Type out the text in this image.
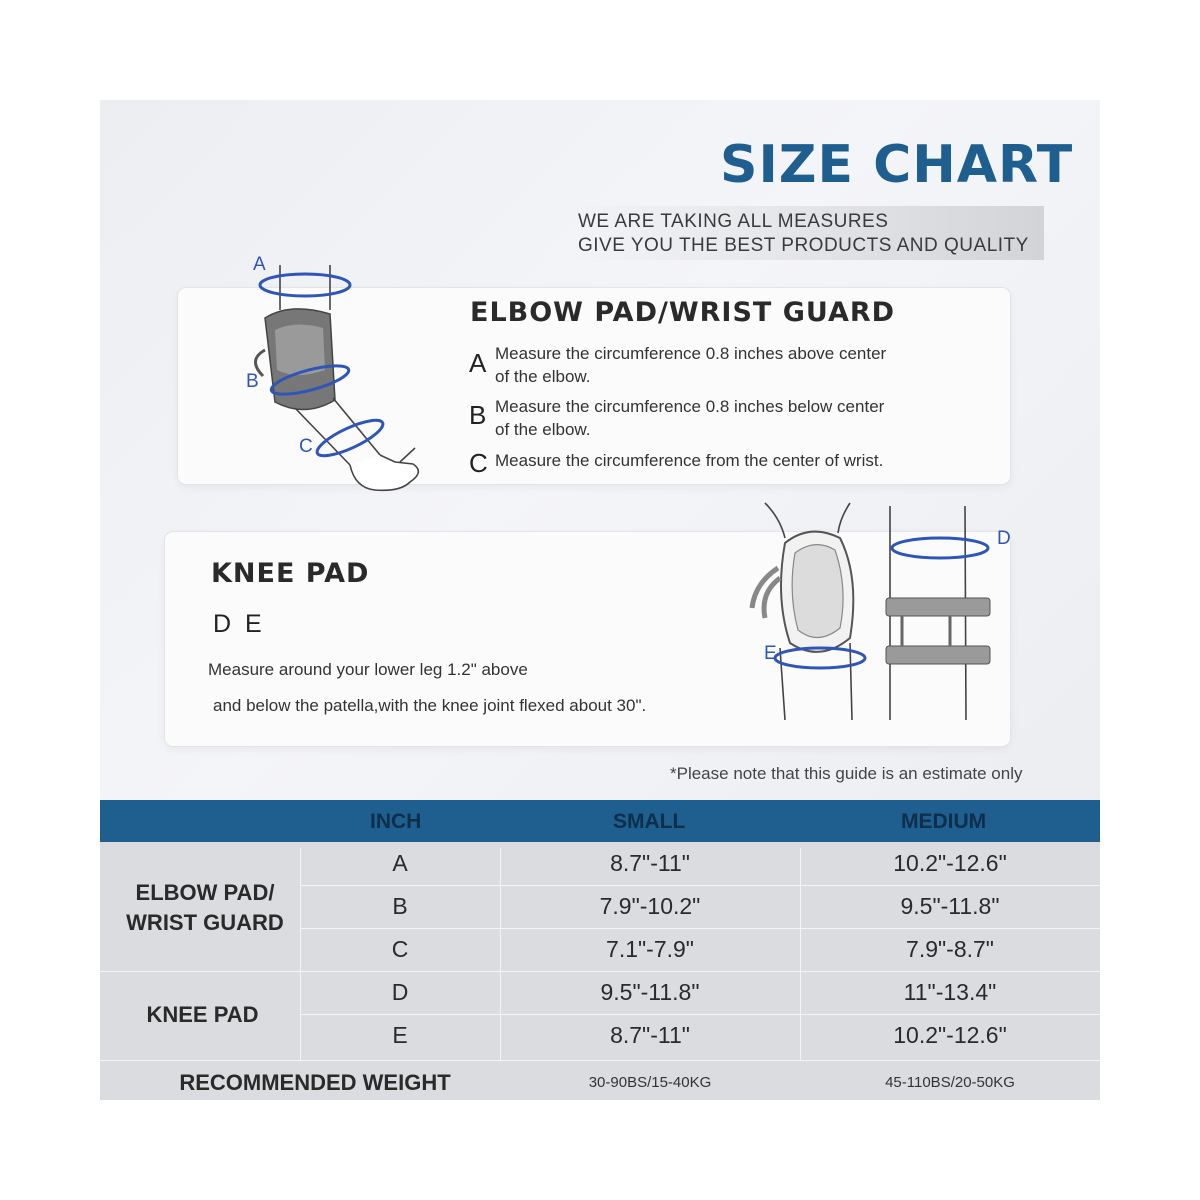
SIZE CHART
WE ARE TAKING ALL MEASURES
GIVE YOU THE BEST PRODUCTS AND QUALITY
A
B
C
ELBOW PAD/WRIST GUARD
A Measure the circumference 0.8 inches above center
of the elbow.
B Measure the circumference 0.8 inches below center
of the elbow.
C Measure the circumference from the center of wrist.
KNEE PAD
D  E
Measure around your lower leg 1.2" above
and below the patella,with the knee joint flexed about 30".
D
E
*Please note that this guide is an estimate only
INCH	SMALL	MEDIUM
ELBOW PAD/
WRIST GUARD
KNEE PAD
A	8.7"-11"	10.2"-12.6"
B	7.9"-10.2"	9.5"-11.8"
C	7.1"-7.9"	7.9"-8.7"
D	9.5"-11.8"	11"-13.4"
E	8.7"-11"	10.2"-12.6"
RECOMMENDED WEIGHT	30-90BS/15-40KG	45-110BS/20-50KG
